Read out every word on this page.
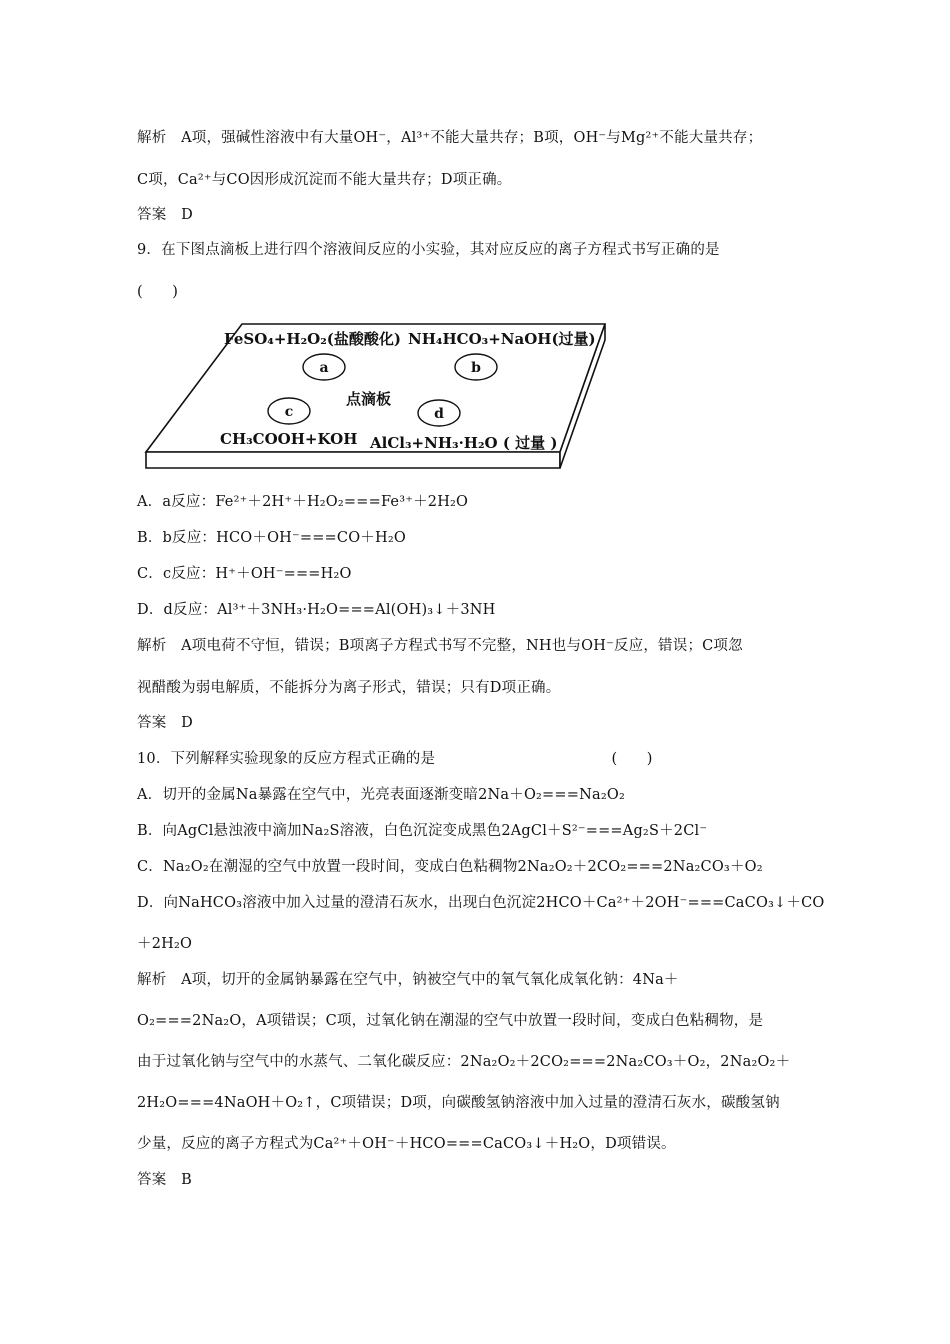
解析　A项，强碱性溶液中有大量OH⁻，Al³⁺不能大量共存；B项，OH⁻与Mg²⁺不能大量共存；
C项，Ca²⁺与CO因形成沉淀而不能大量共存；D项正确。
答案　D
9．在下图点滴板上进行四个溶液间反应的小实验，其对应反应的离子方程式书写正确的是
(　　)
a	b
c	d
FeSO₄+H₂O₂(盐酸酸化) NH₄HCO₃+NaOH(过量)
点滴板
CH₃COOH+KOH AlCl₃+NH₃·H₂O ( 过量 )
A．a反应：Fe²⁺＋2H⁺＋H₂O₂===Fe³⁺＋2H₂O
B．b反应：HCO＋OH⁻===CO＋H₂O
C．c反应：H⁺＋OH⁻===H₂O
D．d反应：Al³⁺＋3NH₃·H₂O===Al(OH)₃↓＋3NH
解析　A项电荷不守恒，错误；B项离子方程式书写不完整，NH也与OH⁻反应，错误；C项忽
视醋酸为弱电解质，不能拆分为离子形式，错误；只有D项正确。
答案　D
10．下列解释实验现象的反应方程式正确的是　　　　　　　　　　　　(　　)
A．切开的金属Na暴露在空气中，光亮表面逐渐变暗2Na＋O₂===Na₂O₂
B．向AgCl悬浊液中滴加Na₂S溶液，白色沉淀变成黑色2AgCl＋S²⁻===Ag₂S＋2Cl⁻
C．Na₂O₂在潮湿的空气中放置一段时间，变成白色粘稠物2Na₂O₂＋2CO₂===2Na₂CO₃＋O₂
D．向NaHCO₃溶液中加入过量的澄清石灰水，出现白色沉淀2HCO＋Ca²⁺＋2OH⁻===CaCO₃↓＋CO
＋2H₂O
解析　A项，切开的金属钠暴露在空气中，钠被空气中的氧气氧化成氧化钠：4Na＋
O₂===2Na₂O，A项错误；C项，过氧化钠在潮湿的空气中放置一段时间，变成白色粘稠物，是
由于过氧化钠与空气中的水蒸气、二氧化碳反应：2Na₂O₂＋2CO₂===2Na₂CO₃＋O₂，2Na₂O₂＋
2H₂O===4NaOH＋O₂↑，C项错误；D项，向碳酸氢钠溶液中加入过量的澄清石灰水，碳酸氢钠
少量，反应的离子方程式为Ca²⁺＋OH⁻＋HCO===CaCO₃↓＋H₂O，D项错误。
答案　B
